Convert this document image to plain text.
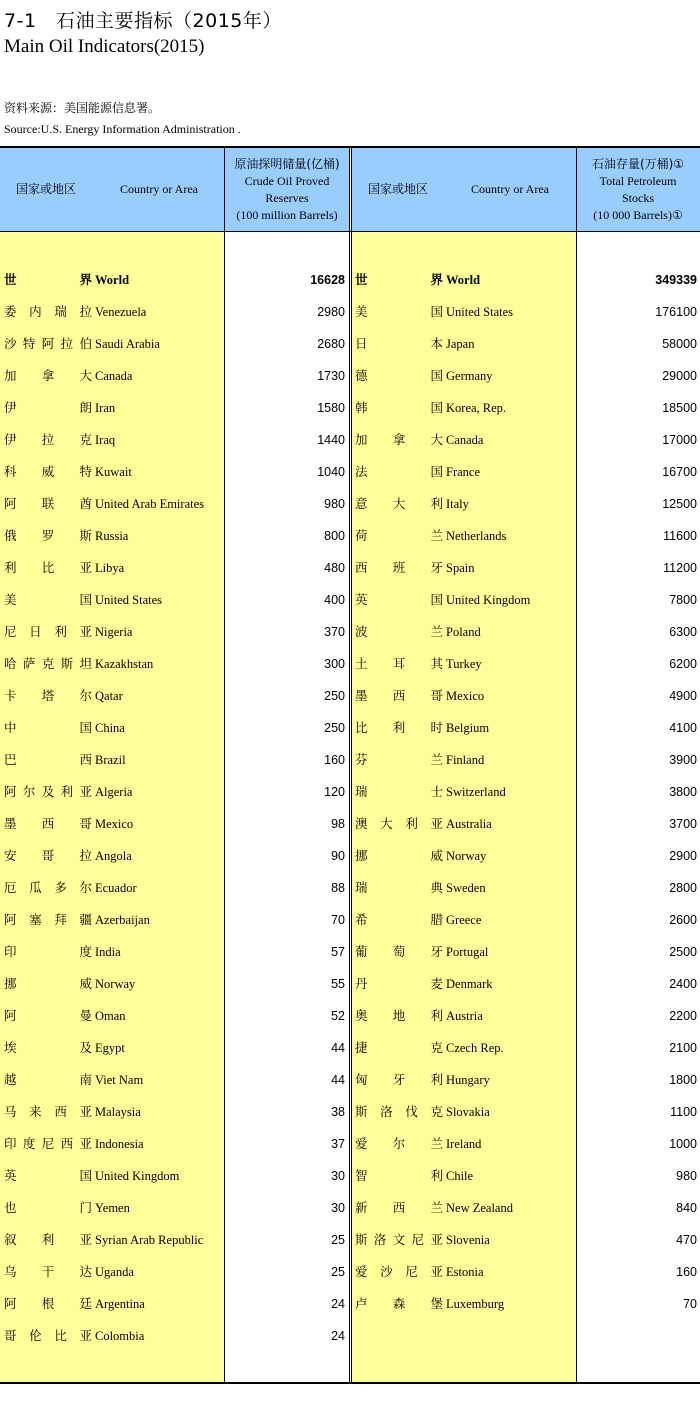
7-1　石油主要指标（2015年）
Main Oil Indicators(2015)
资料来源：美国能源信息署。
Source:U.S. Energy Information Administration .
国家或地区	Country or Area
原油探明储量(亿桶)
Crude Oil Proved
Reserves
(100 million Barrels)
国家或地区	Country or Area
石油存量(万桶)①
Total Petroleum
Stocks
(10 000 Barrels)①
世　界 World	16628 世　界 World	349339
委内瑞拉 Venezuela	2980 美　国 United States	176100
沙特阿拉伯 Saudi Arabia	2680 日　本 Japan	58000
加 拿 大 Canada	1730 德　国 Germany	29000
伊　朗 Iran	1580 韩　国 Korea, Rep.	18500
伊 拉 克 Iraq	1440 加 拿 大 Canada	17000
科 威 特 Kuwait	1040 法　国 France	16700
阿 联 酋 United Arab Emirates	980 意 大 利 Italy	12500
俄 罗 斯 Russia	800 荷　兰 Netherlands	11600
利 比 亚 Libya	480 西 班 牙 Spain	11200
美　国 United States	400 英　国 United Kingdom	7800
尼日利亚 Nigeria	370 波　兰 Poland	6300
哈萨克斯坦 Kazakhstan	300 土 耳 其 Turkey	6200
卡 塔 尔 Qatar	250 墨 西 哥 Mexico	4900
中　国 China	250 比 利 时 Belgium	4100
巴　西 Brazil	160 芬　兰 Finland	3900
阿尔及利亚 Algeria	120 瑞　士 Switzerland	3800
墨 西 哥 Mexico	98 澳大利亚 Australia	3700
安 哥 拉 Angola	90 挪　威 Norway	2900
厄瓜多尔 Ecuador	88 瑞　典 Sweden	2800
阿塞拜疆 Azerbaijan	70 希　腊 Greece	2600
印　度 India	57 葡 萄 牙 Portugal	2500
挪　威 Norway	55 丹　麦 Denmark	2400
阿　曼 Oman	52 奥 地 利 Austria	2200
埃　及 Egypt	44 捷　克 Czech Rep.	2100
越　南 Viet Nam	44 匈 牙 利 Hungary	1800
马来西亚 Malaysia	38 斯洛伐克 Slovakia	1100
印度尼西亚 Indonesia	37 爱 尔 兰 Ireland	1000
英　国 United Kingdom	30 智　利 Chile	980
也　门 Yemen	30 新 西 兰 New Zealand	840
叙 利 亚 Syrian Arab Republic	25 斯洛文尼亚 Slovenia	470
乌 干 达 Uganda	25 爱沙尼亚 Estonia	160
阿 根 廷 Argentina	24 卢 森 堡 Luxemburg	70
哥伦比亚 Colombia	24
